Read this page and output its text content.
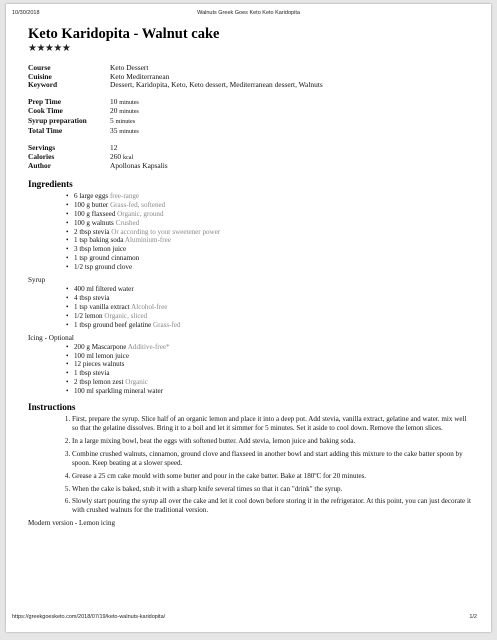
10/30/2018	Walnuts Greek Goes Keto Keto Karidopita
Keto Karidopita - Walnut cake
★★★★★
Course	Keto Dessert
Cuisine	Keto Mediterranean
Keyword	Dessert, Karidopita, Keto, Keto dessert, Mediterranean dessert, Walnuts
Prep Time	10 minutes
Cook Time	20 minutes
Syrup preparation	5 minutes
Total Time	35 minutes
Servings	12
Calories	260 kcal
Author	Apollonas Kapsalis
Ingredients
• 6 large eggs free-range
• 100 g butter Grass-fed, softened
• 100 g flaxseed Organic, ground
• 100 g walnuts Crushed
• 2 tbsp stevia Or according to your sweetener power
• 1 tsp baking soda Aluminium-free
• 3 tbsp lemon juice
• 1 tsp ground cinnamon
• 1/2 tsp ground clove
Syrup
• 400 ml filtered water
• 4 tbsp stevia
• 1 tsp vanilla extract Alcohol-free
• 1/2 lemon Organic, sliced
• 1 tbsp ground beef gelatine Grass-fed
Icing - Optional
• 200 g Mascarpone Additive-free*
• 100 ml lemon juice
• 12 pieces walnuts
• 1 tbsp stevia
• 2 tbsp lemon zest Organic
• 100 ml sparkling mineral water
Instructions
1. First, prepare the syrup. Slice half of an organic lemon and place it into a deep pot. Add stevia, vanilla extract, gelatine and water. mix well so that the gelatine dissolves. Bring it to a boil and let it simmer for 5 minutes. Set it aside to cool down. Remove the lemon slices.
2. In a large mixing bowl, beat the eggs with softened butter. Add stevia, lemon juice and baking soda.
3. Combine crushed walnuts, cinnamon, ground clove and flaxseed in another bowl and start adding this mixture to the cake batter spoon by spoon. Keep beating at a slower speed.
4. Grease a 25 cm cake mould with some butter and pour in the cake batter. Bake at 180ºC for 20 minutes.
5. When the cake is baked, stub it with a sharp knife several times so that it can "drink" the syrup.
6. Slowly start pouring the syrup all over the cake and let it cool down before storing it in the refrigerator. At this point, you can just decorate it with crushed walnuts for the traditional version.
Modern version - Lemon icing
https://greekgoesketo.com/2018/07/19/keto-walnuts-karidopita/	1/2
